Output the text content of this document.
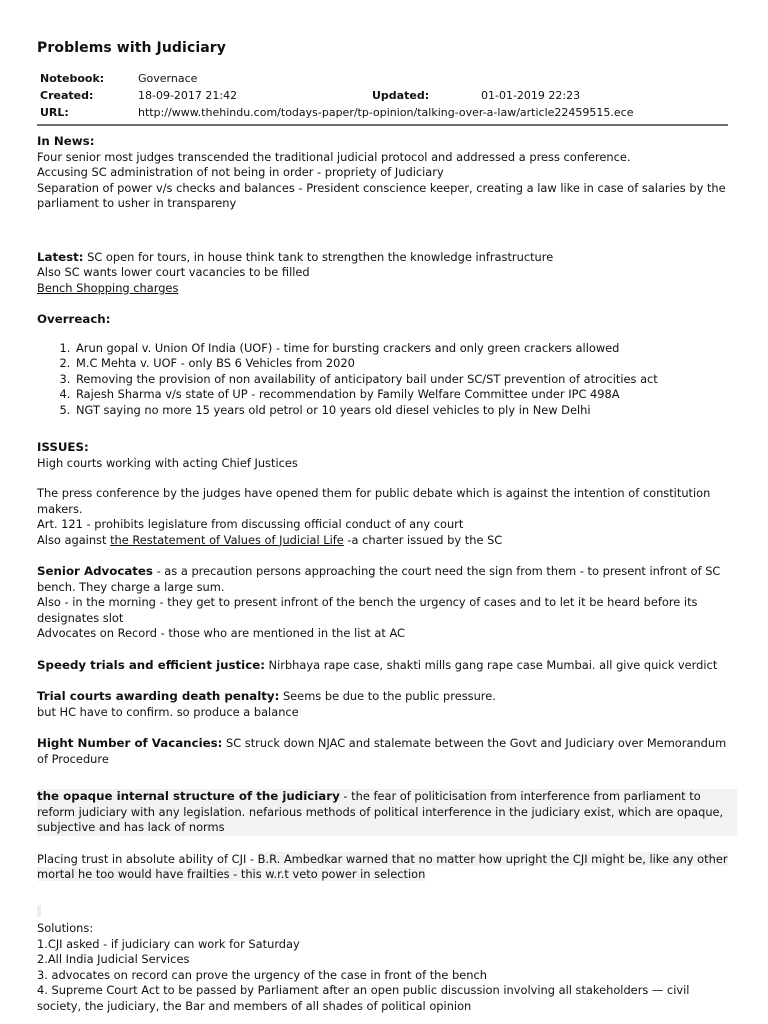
Problems with Judiciary
Notebook:	Governace
Created:	18-09-2017 21:42	Updated:	01-01-2019 22:23
URL:	http://www.thehindu.com/todays-paper/tp-opinion/talking-over-a-law/article22459515.ece

In News:

Four senior most judges transcended the traditional judicial protocol and addressed a press conference.

Accusing SC administration of not being in order - propriety of Judiciary

Separation of power v/s checks and balances - President conscience keeper, creating a law like in case of salaries by the parliament to usher in transpareny

Latest: SC open for tours, in house think tank to strengthen the knowledge infrastructure

Also SC wants lower court vacancies to be filled

Bench Shopping charges

Overreach:

1. Arun gopal v. Union Of India (UOF) - time for bursting crackers and only green crackers allowed
2. M.C Mehta v. UOF - only BS 6 Vehicles from 2020
3. Removing the provision of non availability of anticipatory bail under SC/ST prevention of atrocities act
4. Rajesh Sharma v/s state of UP - recommendation by Family Welfare Committee under IPC 498A
5. NGT saying no more 15 years old petrol or 10 years old diesel vehicles to ply in New Delhi

ISSUES:

High courts working with acting Chief Justices

The press conference by the judges have opened them for public debate which is against the intention of constitution makers.

Art. 121 - prohibits legislature from discussing official conduct of any court

Also against the Restatement of Values of Judicial Life -a charter issued by the SC

Senior Advocates - as a precaution persons approaching the court need the sign from them - to present infront of SC bench. They charge a large sum.

Also - in the morning - they get to present infront of the bench the urgency of cases and to let it be heard before its designates slot

Advocates on Record - those who are mentioned in the list at AC

Speedy trials and efficient justice: Nirbhaya rape case, shakti mills gang rape case Mumbai. all give quick verdict

Trial courts awarding death penalty: Seems be due to the public pressure.

but HC have to confirm. so produce a balance

Hight Number of Vacancies: SC struck down NJAC and stalemate between the Govt and Judiciary over Memorandum of Procedure

the opaque internal structure of the judiciary - the fear of politicisation from interference from parliament to reform judiciary with any legislation. nefarious methods of political interference in the judiciary exist, which are opaque, subjective and has lack of norms

Placing trust in absolute ability of CJI - B.R. Ambedkar warned that no matter how upright the CJI might be, like any other mortal he too would have frailties - this w.r.t veto power in selection

Solutions:

1.CJI asked - if judiciary can work for Saturday

2.All India Judicial Services

3. advocates on record can prove the urgency of the case in front of the bench

4. Supreme Court Act to be passed by Parliament after an open public discussion involving all stakeholders — civil society, the judiciary, the Bar and members of all shades of political opinion
